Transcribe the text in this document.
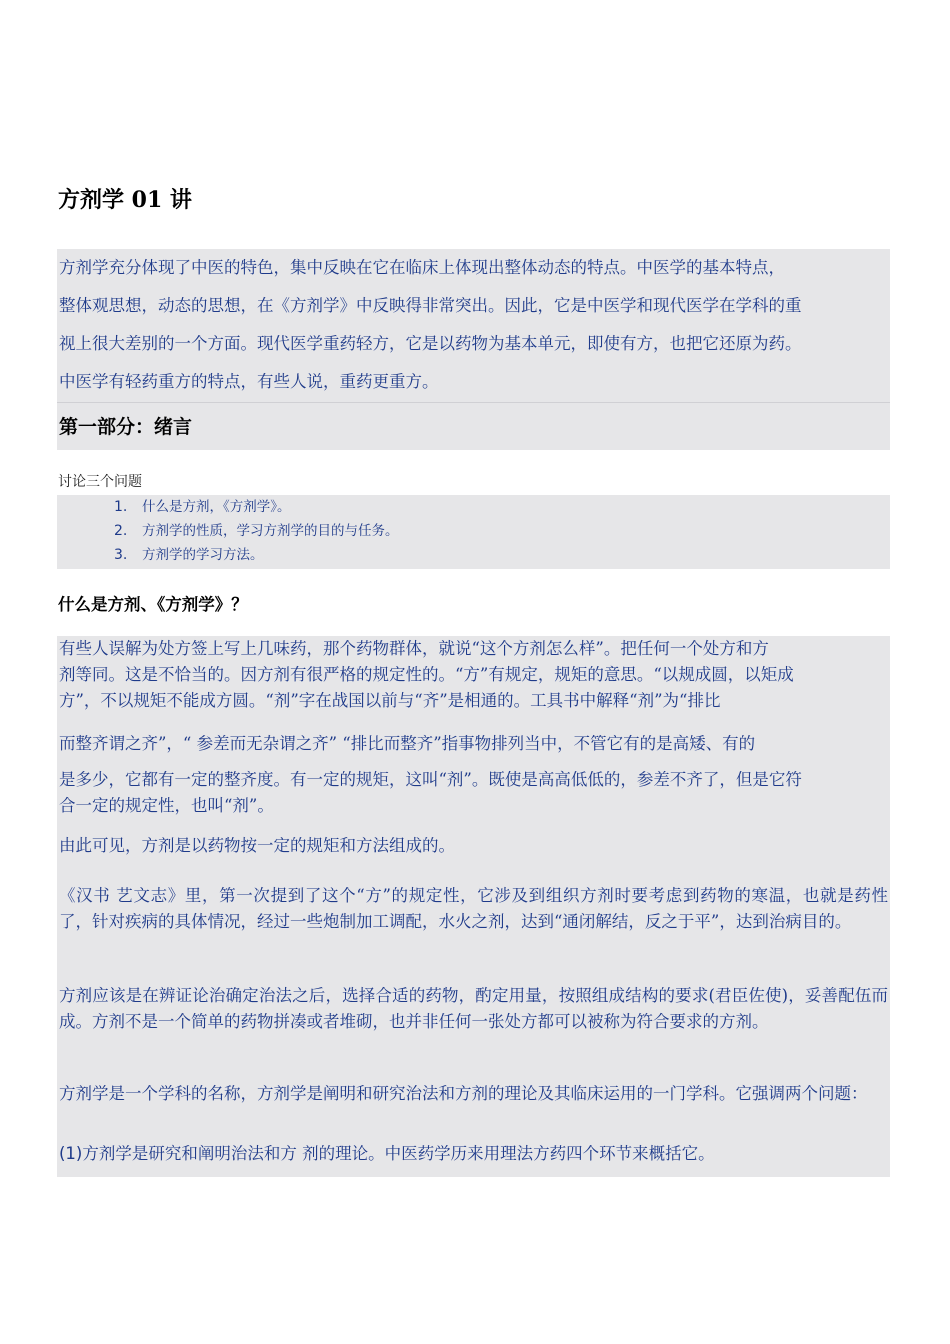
方剂学 01 讲
方剂学充分体现了中医的特色，集中反映在它在临床上体现出整体动态的特点。中医学的基本特点，
整体观思想，动态的思想，在《方剂学》中反映得非常突出。因此，它是中医学和现代医学在学科的重
视上很大差别的一个方面。现代医学重药轻方，它是以药物为基本单元，即使有方，也把它还原为药。
中医学有轻药重方的特点，有些人说，重药更重方。
第一部分：绪言
讨论三个问题
1. 什么是方剂，《方剂学》。
2. 方剂学的性质，学习方剂学的目的与任务。
3. 方剂学的学习方法。
什么是方剂、《方剂学》？
有些人误解为处方签上写上几味药，那个药物群体，就说“这个方剂怎么样”。把任何一个处方和方
剂等同。这是不恰当的。因方剂有很严格的规定性的。“方”有规定，规矩的意思。“以规成圆，以矩成
方”，不以规矩不能成方圆。“剂”字在战国以前与“齐”是相通的。工具书中解释“剂”为“排比
而整齐谓之齐”，“ 参差而无杂谓之齐” “排比而整齐”指事物排列当中，不管它有的是高矮、有的
是多少，它都有一定的整齐度。有一定的规矩，这叫“剂”。既使是高高低低的，参差不齐了，但是它符
合一定的规定性，也叫“剂”。
由此可见，方剂是以药物按一定的规矩和方法组成的。
《汉书 艺文志》里，第一次提到了这个“方”的规定性，它涉及到组织方剂时要考虑到药物的寒温，也就是药性了，针对疾病的具体情况，经过一些炮制加工调配，水火之剂，达到“通闭解结，反之于平”，达到治病目的。
方剂应该是在辨证论治确定治法之后，选择合适的药物，酌定用量，按照组成结构的要求(君臣佐使)，妥善配伍而成。方剂不是一个简单的药物拼凑或者堆砌，也并非任何一张处方都可以被称为符合要求的方剂。
方剂学是一个学科的名称，方剂学是阐明和研究治法和方剂的理论及其临床运用的一门学科。它强调两个问题：
(1)方剂学是研究和阐明治法和方 剂的理论。中医药学历来用理法方药四个环节来概括它。
